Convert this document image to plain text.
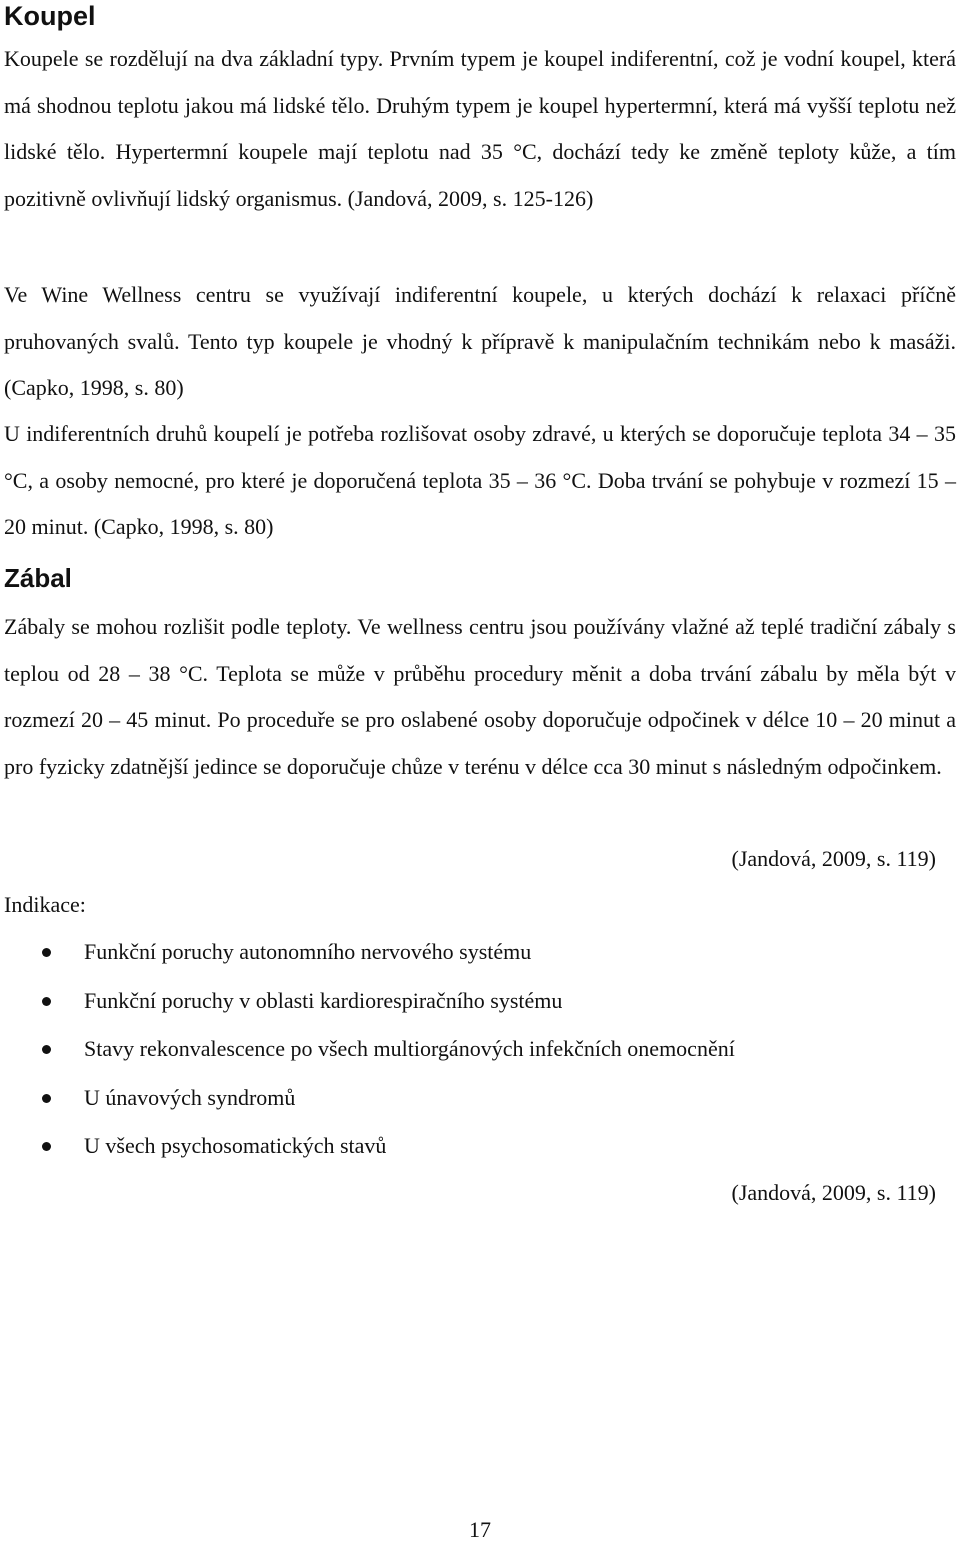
Koupel

Koupele se rozdělují na dva základní typy. Prvním typem je koupel indiferentní, což je vodní koupel, která má shodnou teplotu jakou má lidské tělo. Druhým typem je koupel hypertermní, která má vyšší teplotu než lidské tělo. Hypertermní koupele mají teplotu nad 35 °C, dochází tedy ke změně teploty kůže, a tím pozitivně ovlivňují lidský organismus. (Jandová, 2009, s. 125-126)

Ve Wine Wellness centru se využívají indiferentní koupele, u kterých dochází k relaxaci příčně pruhovaných svalů. Tento typ koupele je vhodný k přípravě k manipulačním technikám nebo k masáži. (Capko, 1998, s. 80)

U indiferentních druhů koupelí je potřeba rozlišovat osoby zdravé, u kterých se doporučuje teplota 34 – 35 °C, a osoby nemocné, pro které je doporučená teplota 35 – 36 °C. Doba trvání se pohybuje v rozmezí 15 – 20 minut. (Capko, 1998, s. 80)

Zábal

Zábaly se mohou rozlišit podle teploty. Ve wellness centru jsou používány vlažné až teplé tradiční zábaly s teplou od 28 – 38 °C. Teplota se může v průběhu procedury měnit a doba trvání zábalu by měla být v rozmezí 20 – 45 minut. Po proceduře se pro oslabené osoby doporučuje odpočinek v délce 10 – 20 minut a pro fyzicky zdatnější jedince se doporučuje chůze v terénu v délce cca 30 minut s následným odpočinkem.

(Jandová, 2009, s. 119)

Indikace:

Funkční poruchy autonomního nervového systému
Funkční poruchy v oblasti kardiorespiračního systému
Stavy rekonvalescence po všech multiorgánových infekčních onemocnění
U únavových syndromů
U všech psychosomatických stavů

(Jandová, 2009, s. 119)

17
